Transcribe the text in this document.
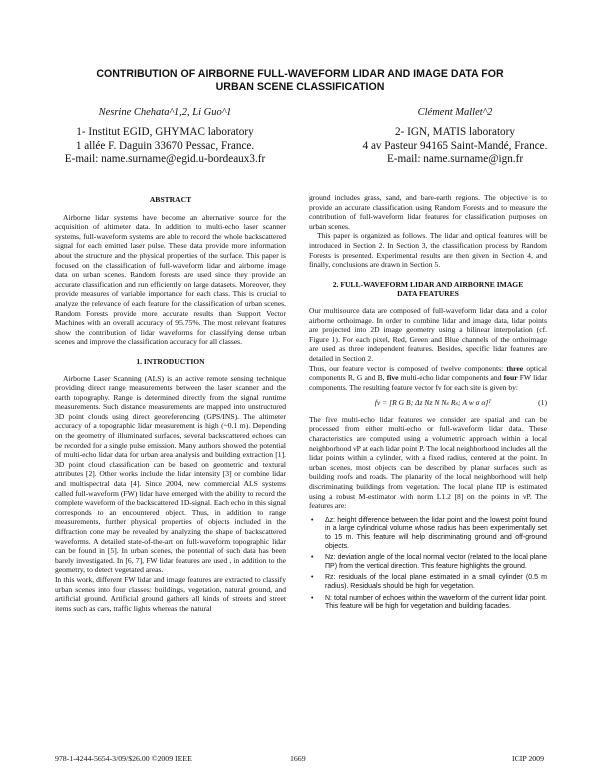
CONTRIBUTION OF AIRBORNE FULL-WAVEFORM LIDAR AND IMAGE DATA FOR
URBAN SCENE CLASSIFICATION
Nesrine Chehata^1,2, Li Guo^1
1- Institut EGID, GHYMAC laboratory
1 allée F. Daguin 33670 Pessac, France.
E-mail: name.surname@egid.u-bordeaux3.fr
Clément Mallet^2
2- IGN, MATIS laboratory
4 av Pasteur 94165 Saint-Mandé, France.
E-mail: name.surname@ign.fr
ABSTRACT

Airborne lidar systems have become an alternative source for the acquisition of altimeter data. In addition to multi-echo laser scanner systems, full-waveform systems are able to record the whole backscattered signal for each emitted laser pulse. These data provide more information about the structure and the physical properties of the surface. This paper is focused on the classification of full-waveform lidar and airborne image data on urban scenes. Random forests are used since they provide an accurate classification and run efficiently on large datasets. Moreover, they provide measures of variable importance for each class. This is crucial to analyze the relevance of each feature for the classification of urban scenes. Random Forests provide more accurate results than Support Vector Machines with an overall accuracy of 95.75%. The most relevant features show the contribution of lidar waveforms for classifying dense urban scenes and improve the classification accuracy for all classes.

1. INTRODUCTION

Airborne Laser Scanning (ALS) is an active remote sensing technique providing direct range measurements between the laser scanner and the earth topography. Range is determined directly from the signal runtime measurements. Such distance measurements are mapped into unstructured 3D point clouds using direct georeferencing (GPS/INS). The altimeter accuracy of a topographic lidar measurement is high (~0.1 m). Depending on the geometry of illuminated surfaces, several backscattered echoes can be recorded for a single pulse emission. Many authors showed the potential of multi-echo lidar data for urban area analysis and building extraction [1]. 3D point cloud classification can be based on geometric and textural attributes [2]. Other works include the lidar intensity [3] or combine lidar and multispectral data [4]. Since 2004, new commercial ALS systems called full-waveform (FW) lidar have emerged with the ability to record the complete waveform of the backscattered 1D-signal. Each echo in this signal corresponds to an encountered object. Thus, in addition to range measurements, further physical properties of objects included in the diffraction cone may be revealed by analyzing the shape of backscattered waveforms. A detailed state-of-the-art on full-waveform topographic lidar can be found in [5]. In urban scenes, the potential of such data has been barely investigated. In [6, 7], FW lidar features are used , in addition to the geometry, to detect vegetated areas.

In this work, different FW lidar and image features are extracted to classify urban scenes into four classes: buildings, vegetation, natural ground, and artificial ground. Artificial ground gathers all kinds of streets and street items such as cars, traffic lights whereas the natural

ground includes grass, sand, and bare-earth regions. The objective is to provide an accurate classification using Random Forests and to measure the contribution of full-waveform lidar features for classification purposes on urban scenes.

This paper is organized as follows. The lidar and optical features will be introduced in Section 2. In Section 3, the classification process by Random Forests is presented. Experimental results are then given in Section 4, and finally, conclusions are drawn in Section 5.

2. FULL-WAVEFORM LIDAR AND AIRBORNE IMAGE
DATA FEATURES

Our multisource data are composed of full-waveform lidar data and a color airborne orthoimage. In order to combine lidar and image data, lidar points are projected into 2D image geometry using a bilinear interpolation (cf. Figure 1). For each pixel, Red, Green and Blue channels of the orthoimage are used as three independent features. Besides, specific lidar features are detailed in Section 2.

Thus, our feature vector is composed of twelve components: three optical components R, G and B, five multi-echo lidar components and four FW lidar components. The resulting feature vector fv for each site is given by:

fv = [R G B; Δz Nz N Nₛ Rₛ; A w σ α]ᵀ	(1)

The five multi-echo lidar features we consider are spatial and can be processed from either multi-echo or full-waveform lidar data. These characteristics are computed using a volumetric approach within a local neighborhood νP at each lidar point P. The local neighborhood includes all the lidar points within a cylinder, with a fixed radius, centered at the point. In urban scenes, most objects can be described by planar surfaces such as building roofs and roads. The planarity of the local neighborhood will help discriminating buildings from vegetation. The local plane ΠP is estimated using a robust M-estimator with norm L1.2 [8] on the points in νP. The features are:

• Δz: height difference between the lidar point and the lowest point found in a large cylindrical volume whose radius has been experimentally set to 15 m. This feature will help discriminating ground and off-ground objects.
• Nz: deviation angle of the local normal vector (related to the local plane ΠP) from the vertical direction. This feature highlights the ground.
• Rz: residuals of the local plane estimated in a small cylinder (0.5 m radius). Residuals should be high for vegetation.
• N: total number of echoes within the waveform of the current lidar point. This feature will be high for vegetation and building facades.
978-1-4244-5654-3/09/$26.00 ©2009 IEEE	1669	ICIP 2009
